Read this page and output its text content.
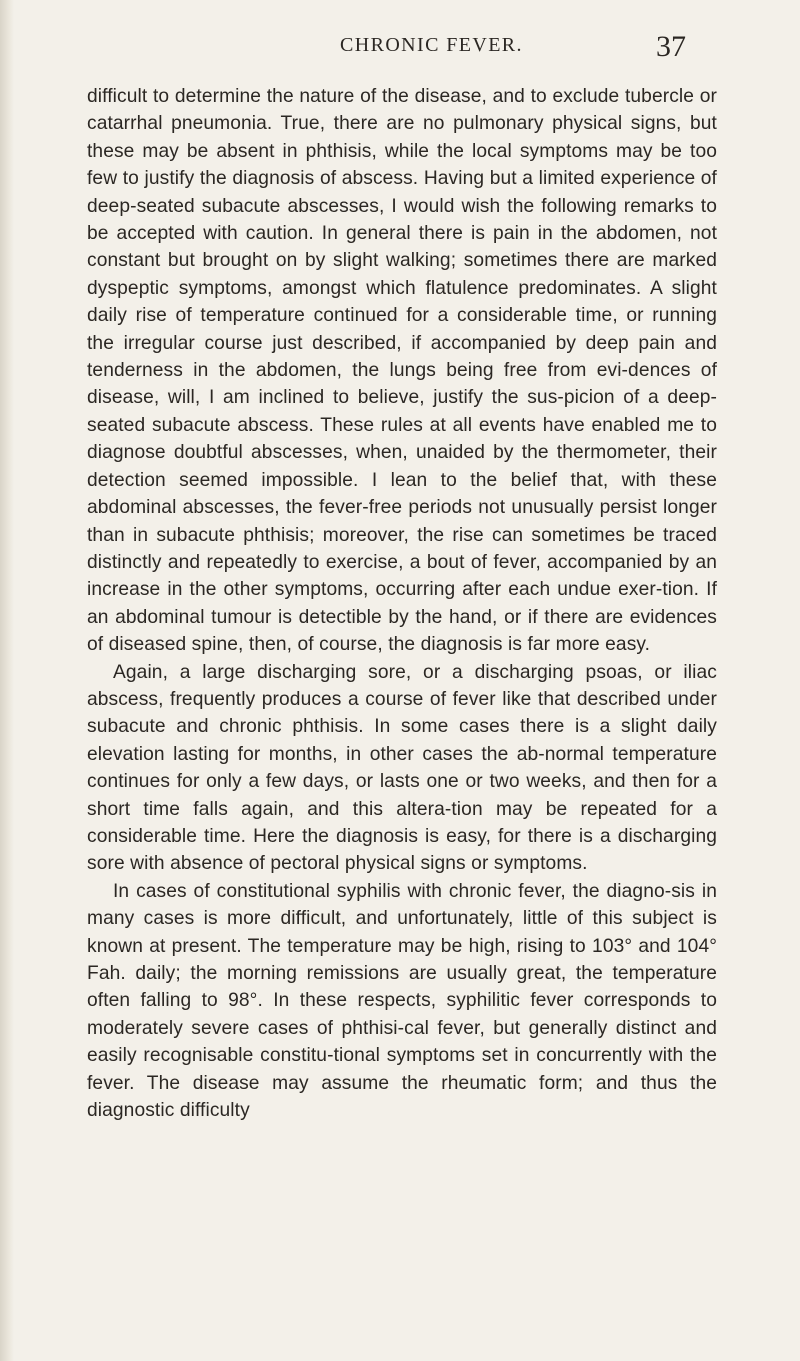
CHRONIC FEVER.	37

difficult to determine the nature of the disease, and to exclude tubercle or catarrhal pneumonia. True, there are no pulmonary physical signs, but these may be absent in phthisis, while the local symptoms may be too few to justify the diagnosis of abscess. Having but a limited experience of deep-seated subacute abscesses, I would wish the following remarks to be accepted with caution. In general there is pain in the abdomen, not constant but brought on by slight walking; sometimes there are marked dyspeptic symptoms, amongst which flatulence predominates. A slight daily rise of temperature continued for a considerable time, or running the irregular course just described, if accompanied by deep pain and tenderness in the abdomen, the lungs being free from evi-dences of disease, will, I am inclined to believe, justify the sus-picion of a deep-seated subacute abscess. These rules at all events have enabled me to diagnose doubtful abscesses, when, unaided by the thermometer, their detection seemed impossible. I lean to the belief that, with these abdominal abscesses, the fever-free periods not unusually persist longer than in subacute phthisis; moreover, the rise can sometimes be traced distinctly and repeatedly to exercise, a bout of fever, accompanied by an increase in the other symptoms, occurring after each undue exer-tion. If an abdominal tumour is detectible by the hand, or if there are evidences of diseased spine, then, of course, the diagnosis is far more easy.

Again, a large discharging sore, or a discharging psoas, or iliac abscess, frequently produces a course of fever like that described under subacute and chronic phthisis. In some cases there is a slight daily elevation lasting for months, in other cases the ab-normal temperature continues for only a few days, or lasts one or two weeks, and then for a short time falls again, and this altera-tion may be repeated for a considerable time. Here the diagnosis is easy, for there is a discharging sore with absence of pectoral physical signs or symptoms.

In cases of constitutional syphilis with chronic fever, the diagno-sis in many cases is more difficult, and unfortunately, little of this subject is known at present. The temperature may be high, rising to 103° and 104° Fah. daily; the morning remissions are usually great, the temperature often falling to 98°. In these respects, syphilitic fever corresponds to moderately severe cases of phthisi-cal fever, but generally distinct and easily recognisable constitu-tional symptoms set in concurrently with the fever. The disease may assume the rheumatic form; and thus the diagnostic difficulty
